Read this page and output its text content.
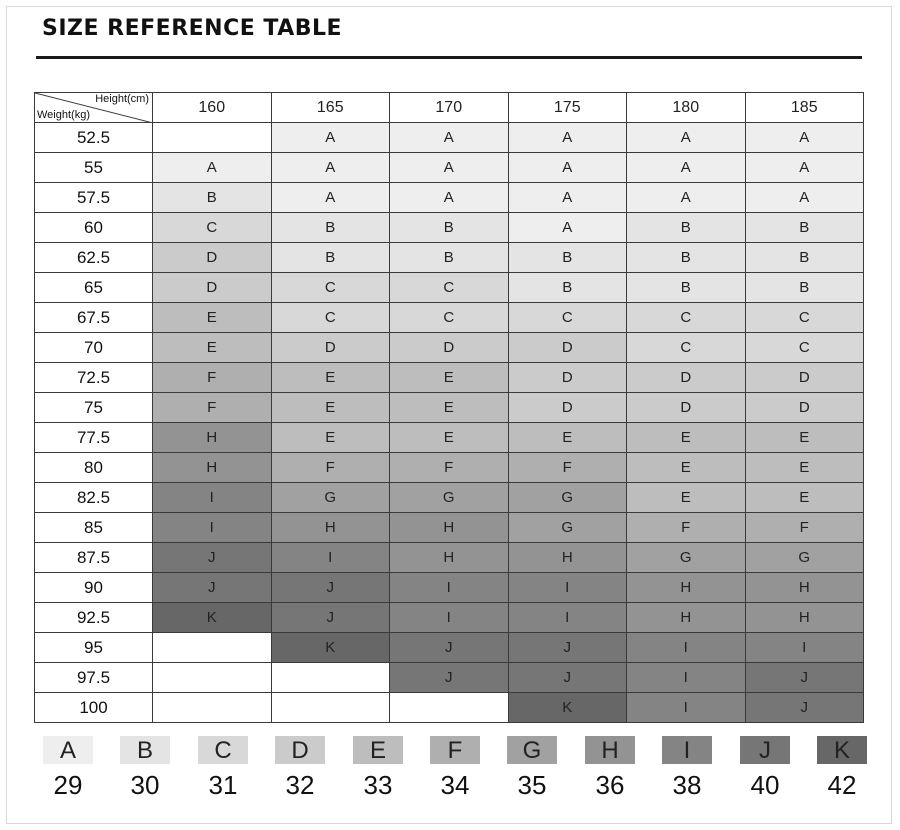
SIZE REFERENCE TABLE
Height(cm)
Weight(kg)	160	165	170	175	180	185
52.5		A	A	A	A	A
55	A	A	A	A	A	A
57.5	B	A	A	A	A	A
60	C	B	B	A	B	B
62.5	D	B	B	B	B	B
65	D	C	C	B	B	B
67.5	E	C	C	C	C	C
70	E	D	D	D	C	C
72.5	F	E	E	D	D	D
75	F	E	E	D	D	D
77.5	H	E	E	E	E	E
80	H	F	F	F	E	E
82.5	I	G	G	G	E	E
85	I	H	H	G	F	F
87.5	J	I	H	H	G	G
90	J	J	I	I	H	H
92.5	K	J	I	I	H	H
95		K	J	J	I	I
97.5			J	J	I	J
100				K	I	J
A
29
B
30
C
31
D
32
E
33
F
34
G
35
H
36
I
38
J
40
K
42
